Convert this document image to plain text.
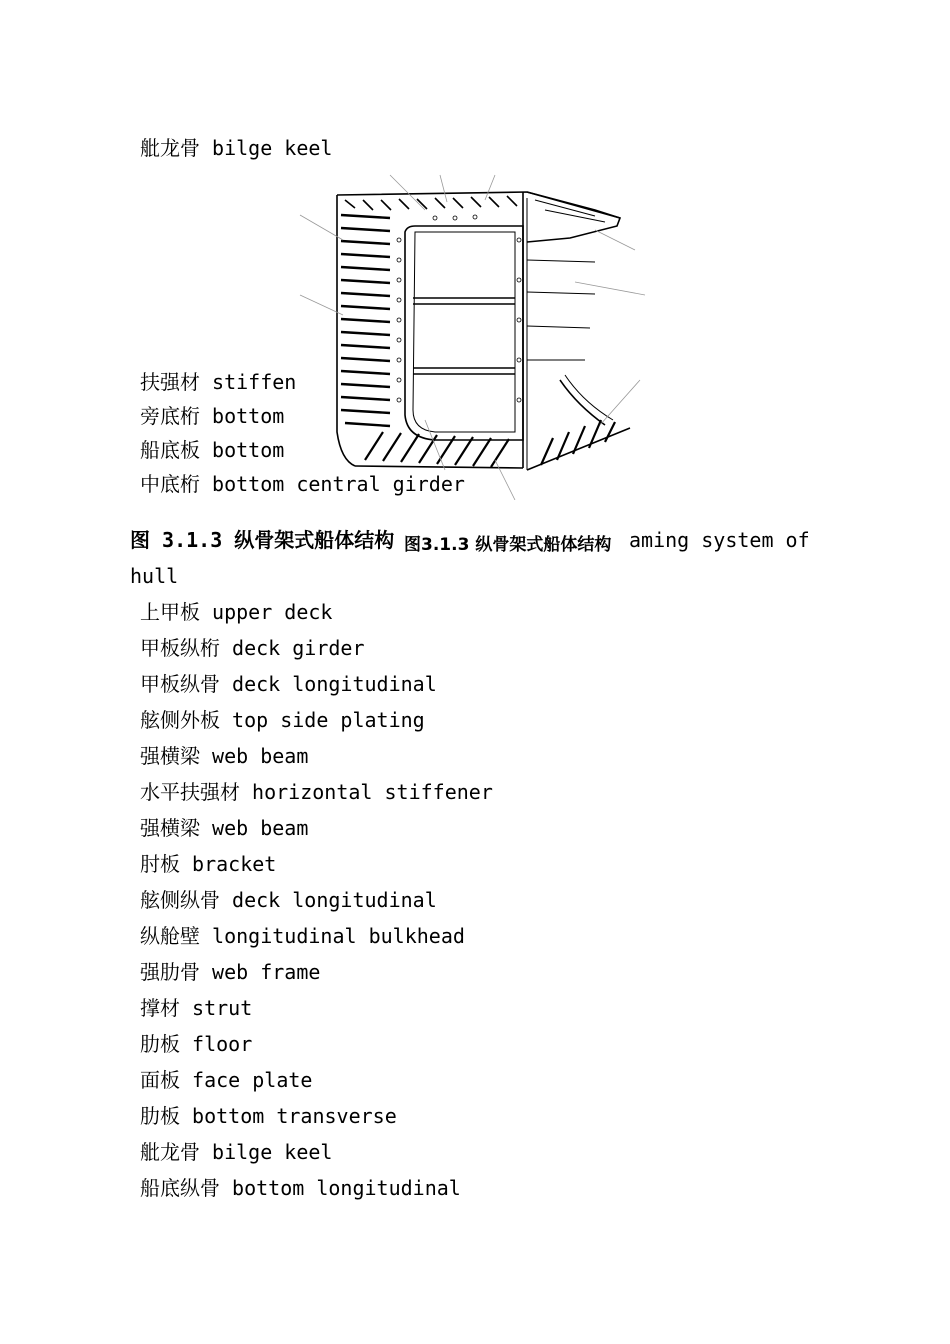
舭龙骨 bilge keel
扶强材 stiffen
旁底桁 bottom
船底板 bottom
中底桁 bottom central girder
图 3.1.3 纵骨架式船体结构 图3.1.3 纵骨架式船体结构 aming system of
hull
上甲板 upper deck
甲板纵桁 deck girder
甲板纵骨 deck longitudinal
舷侧外板 top side plating
强横梁 web beam
水平扶强材 horizontal stiffener
强横梁 web beam
肘板 bracket
舷侧纵骨 deck longitudinal
纵舱壁 longitudinal bulkhead
强肋骨 web frame
撑材 strut
肋板 floor
面板 face plate
肋板 bottom transverse
舭龙骨 bilge keel
船底纵骨 bottom longitudinal
